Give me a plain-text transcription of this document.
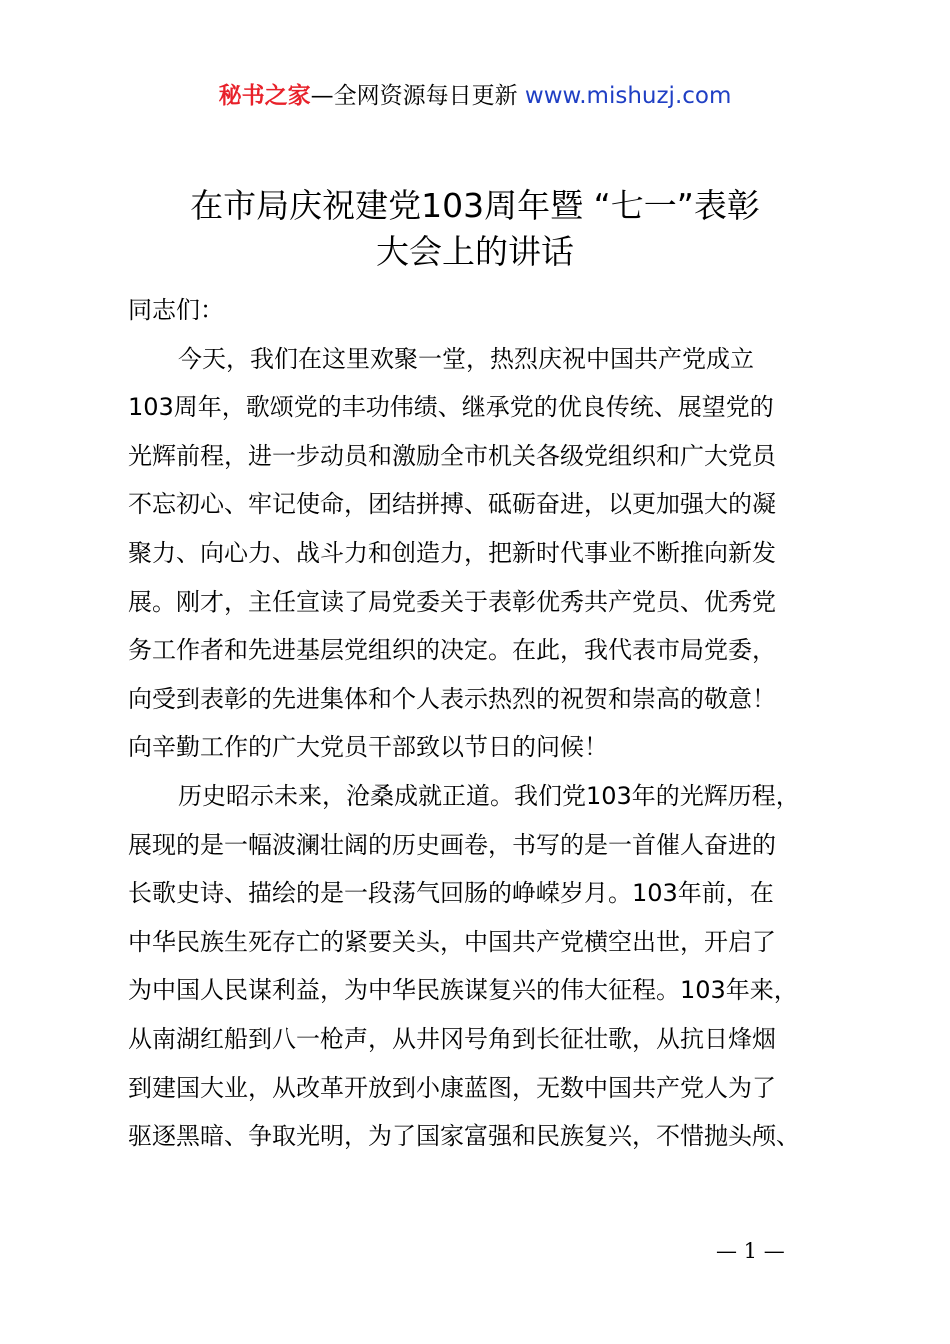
秘书之家—全网资源每日更新 www.mishuzj.com
在市局庆祝建党103周年暨 “七一”表彰
大会上的讲话
同志们：
今天，我们在这里欢聚一堂，热烈庆祝中国共产党成立
103周年，歌颂党的丰功伟绩、继承党的优良传统、展望党的
光辉前程，进一步动员和激励全市机关各级党组织和广大党员
不忘初心、牢记使命，团结拼搏、砥砺奋进，以更加强大的凝
聚力、向心力、战斗力和创造力，把新时代事业不断推向新发
展。刚才，主任宣读了局党委关于表彰优秀共产党员、优秀党
务工作者和先进基层党组织的决定。在此，我代表市局党委，
向受到表彰的先进集体和个人表示热烈的祝贺和崇高的敬意！
向辛勤工作的广大党员干部致以节日的问候！
历史昭示未来，沧桑成就正道。我们党103年的光辉历程，
展现的是一幅波澜壮阔的历史画卷，书写的是一首催人奋进的
长歌史诗、描绘的是一段荡气回肠的峥嵘岁月。103年前，在
中华民族生死存亡的紧要关头，中国共产党横空出世，开启了
为中国人民谋利益，为中华民族谋复兴的伟大征程。103年来，
从南湖红船到八一枪声，从井冈号角到长征壮歌，从抗日烽烟
到建国大业，从改革开放到小康蓝图，无数中国共产党人为了
驱逐黑暗、争取光明，为了国家富强和民族复兴，不惜抛头颅、
— 1 —
